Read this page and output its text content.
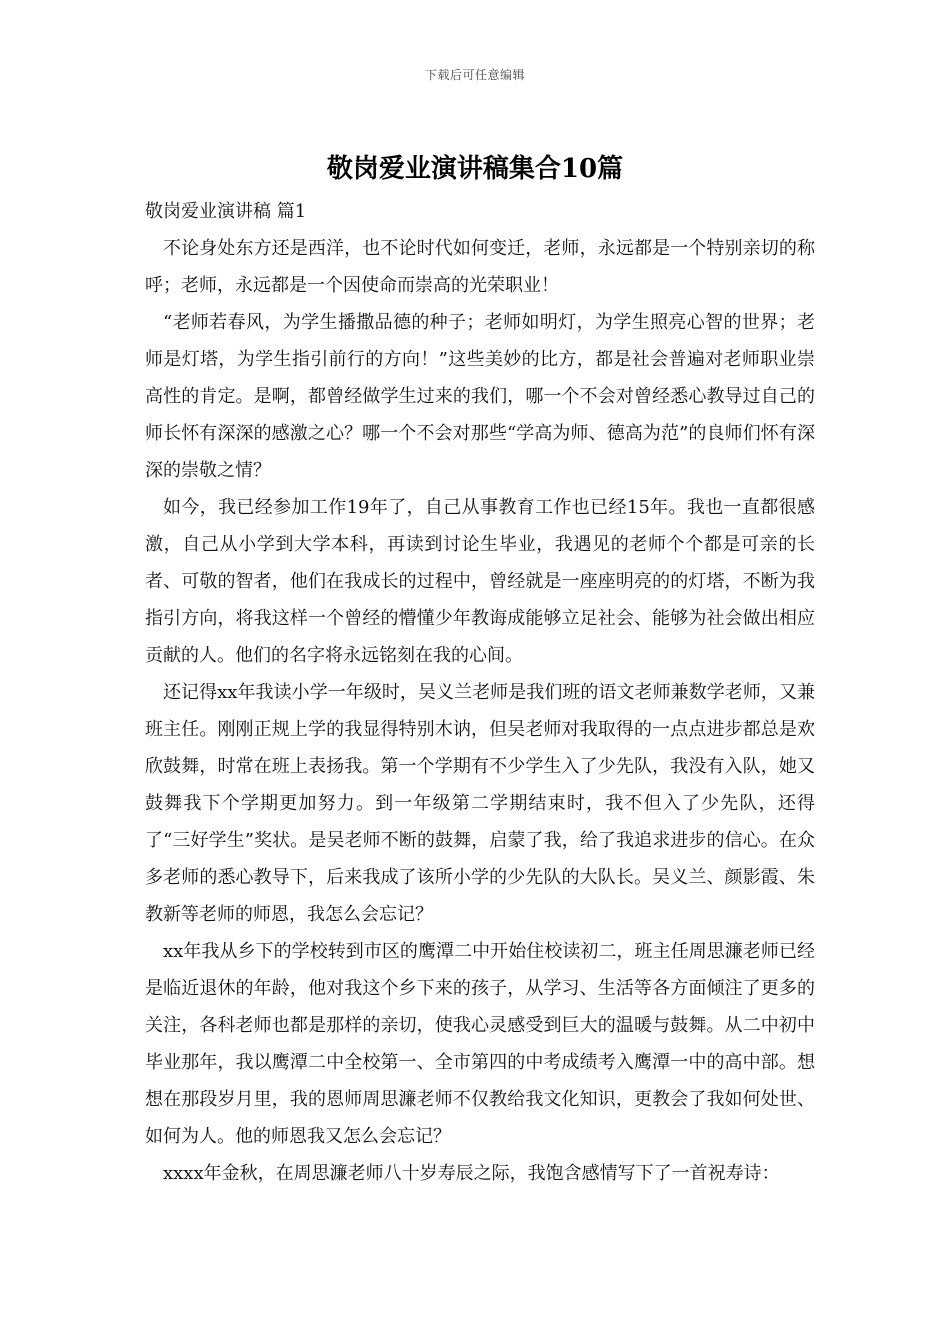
下载后可任意编辑
敬岗爱业演讲稿集合10篇
敬岗爱业演讲稿 篇1

不论身处东方还是西洋，也不论时代如何变迁，老师，永远都是一个特别亲切的称呼；老师，永远都是一个因使命而崇高的光荣职业！

“老师若春风，为学生播撒品德的种子；老师如明灯，为学生照亮心智的世界；老师是灯塔，为学生指引前行的方向！”这些美妙的比方，都是社会普遍对老师职业崇高性的肯定。是啊，都曾经做学生过来的我们，哪一个不会对曾经悉心教导过自己的师长怀有深深的感激之心？哪一个不会对那些“学高为师、德高为范”的良师们怀有深深的崇敬之情？

如今，我已经参加工作19年了，自己从事教育工作也已经15年。我也一直都很感激，自己从小学到大学本科，再读到讨论生毕业，我遇见的老师个个都是可亲的长者、可敬的智者，他们在我成长的过程中，曾经就是一座座明亮的的灯塔，不断为我指引方向，将我这样一个曾经的懵懂少年教诲成能够立足社会、能够为社会做出相应贡献的人。他们的名字将永远铭刻在我的心间。

还记得xx年我读小学一年级时，吴义兰老师是我们班的语文老师兼数学老师，又兼班主任。刚刚正规上学的我显得特别木讷，但吴老师对我取得的一点点进步都总是欢欣鼓舞，时常在班上表扬我。第一个学期有不少学生入了少先队，我没有入队，她又鼓舞我下个学期更加努力。到一年级第二学期结束时，我不但入了少先队，还得了“三好学生”奖状。是吴老师不断的鼓舞，启蒙了我，给了我追求进步的信心。在众多老师的悉心教导下，后来我成了该所小学的少先队的大队长。吴义兰、颜影霞、朱教新等老师的师恩，我怎么会忘记？

xx年我从乡下的学校转到市区的鹰潭二中开始住校读初二，班主任周思濂老师已经是临近退休的年龄，他对我这个乡下来的孩子，从学习、生活等各方面倾注了更多的关注，各科老师也都是那样的亲切，使我心灵感受到巨大的温暖与鼓舞。从二中初中毕业那年，我以鹰潭二中全校第一、全市第四的中考成绩考入鹰潭一中的高中部。想想在那段岁月里，我的恩师周思濂老师不仅教给我文化知识，更教会了我如何处世、如何为人。他的师恩我又怎么会忘记？

xxxx年金秋，在周思濂老师八十岁寿辰之际，我饱含感情写下了一首祝寿诗：
